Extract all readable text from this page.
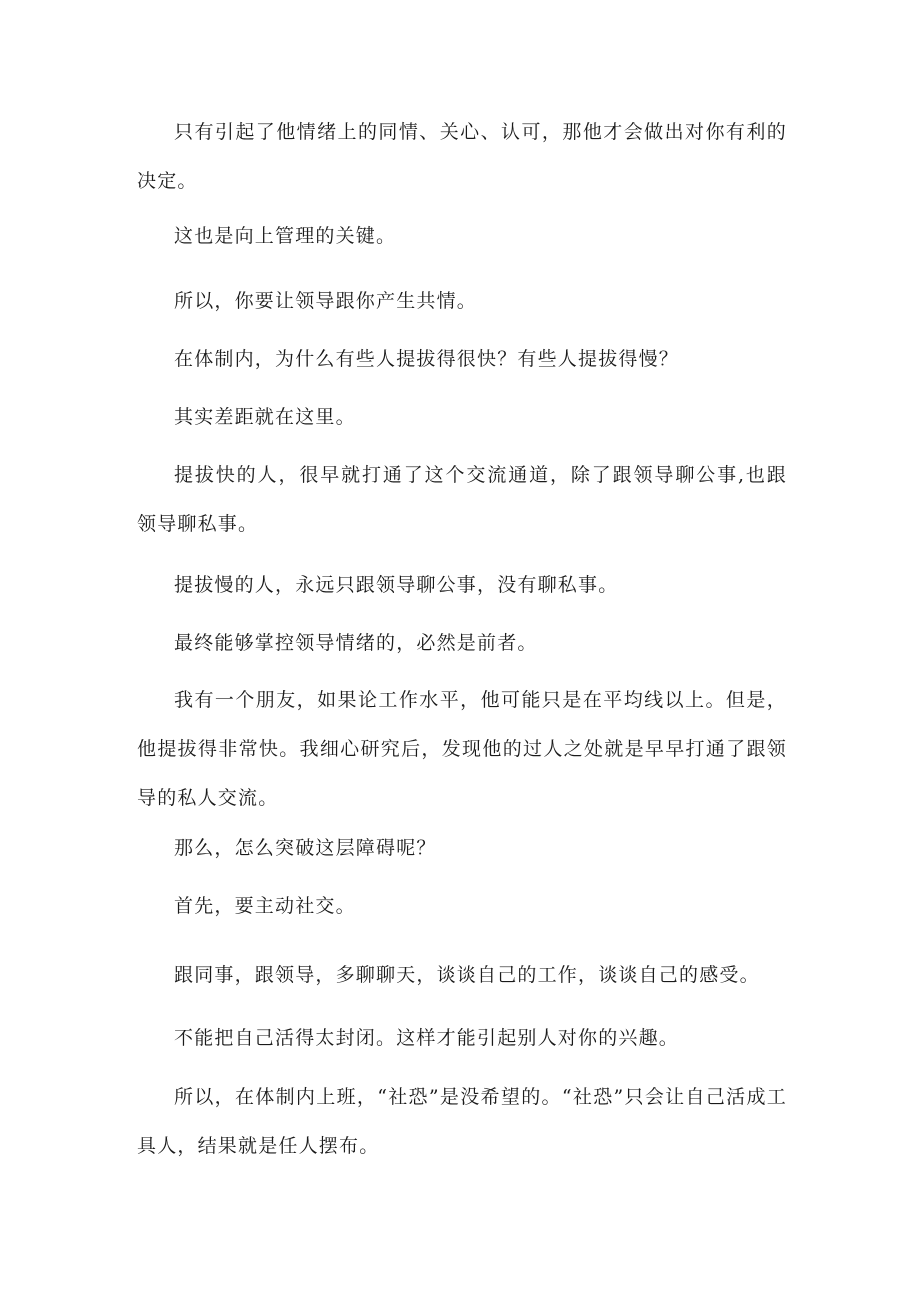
只有引起了他情绪上的同情、关心、认可，那他才会做出对你有利的决定。

这也是向上管理的关键。

所以，你要让领导跟你产生共情。

在体制内，为什么有些人提拔得很快？有些人提拔得慢？

其实差距就在这里。

提拔快的人，很早就打通了这个交流通道，除了跟领导聊公事,也跟领导聊私事。

提拔慢的人，永远只跟领导聊公事，没有聊私事。

最终能够掌控领导情绪的，必然是前者。

我有一个朋友，如果论工作水平，他可能只是在平均线以上。但是，他提拔得非常快。我细心研究后，发现他的过人之处就是早早打通了跟领导的私人交流。

那么，怎么突破这层障碍呢？

首先，要主动社交。

跟同事，跟领导，多聊聊天，谈谈自己的工作，谈谈自己的感受。

不能把自己活得太封闭。这样才能引起别人对你的兴趣。

所以，在体制内上班，“社恐”是没希望的。“社恐”只会让自己活成工具人，结果就是任人摆布。
